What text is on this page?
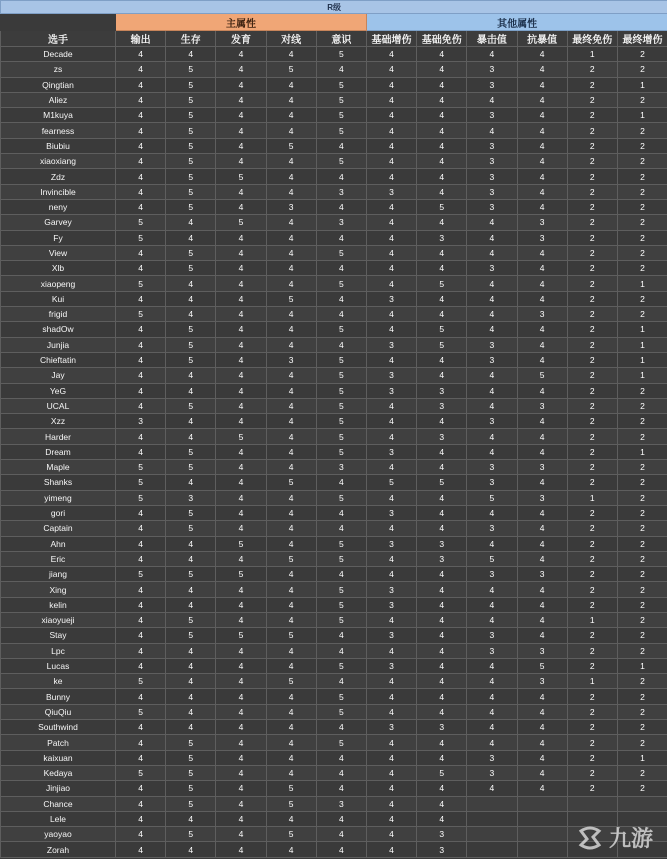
R级											
	主属性					其他属性					
选手	输出	生存	发育	对线	意识	基础增伤	基础免伤	暴击值	抗暴值	最终免伤	最终增伤
Decade	4	4	4	4	5	4	4	4	4	1	2
zs	4	5	4	5	4	4	4	3	4	2	2
Qingtian	4	5	4	4	5	4	4	3	4	2	1
Aliez	4	5	4	4	5	4	4	4	4	2	2
M1kuya	4	5	4	4	5	4	4	3	4	2	1
fearness	4	5	4	4	5	4	4	4	4	2	2
Biubiu	4	5	4	5	4	4	4	3	4	2	2
xiaoxiang	4	5	4	4	5	4	4	3	4	2	2
Zdz	4	5	5	4	4	4	4	3	4	2	2
Invincible	4	5	4	4	3	3	4	3	4	2	2
neny	4	5	4	3	4	4	5	3	4	2	2
Garvey	5	4	5	4	3	4	4	4	3	2	2
Fy	5	4	4	4	4	4	3	4	3	2	2
View	4	5	4	4	5	4	4	4	4	2	2
Xlb	4	5	4	4	4	4	4	3	4	2	2
xiaopeng	5	4	4	4	5	4	5	4	4	2	1
Kui	4	4	4	5	4	3	4	4	4	2	2
frigid	5	4	4	4	4	4	4	4	3	2	2
shadOw	4	5	4	4	5	4	5	4	4	2	1
Junjia	4	5	4	4	4	3	5	3	4	2	1
Chieftatin	4	5	4	3	5	4	4	3	4	2	1
Jay	4	4	4	4	5	3	4	4	5	2	1
YeG	4	4	4	4	5	3	3	4	4	2	2
UCAL	4	5	4	4	5	4	3	4	3	2	2
Xzz	3	4	4	4	5	4	4	3	4	2	2
Harder	4	4	5	4	5	4	3	4	4	2	2
Dream	4	5	4	4	5	3	4	4	4	2	1
Maple	5	5	4	4	3	4	4	3	3	2	2
Shanks	5	4	4	5	4	5	5	3	4	2	2
yimeng	5	3	4	4	5	4	4	5	3	1	2
gori	4	5	4	4	4	3	4	4	4	2	2
Captain	4	5	4	4	4	4	4	3	4	2	2
Ahn	4	4	5	4	5	3	3	4	4	2	2
Eric	4	4	4	5	5	4	3	5	4	2	2
jiang	5	5	5	4	4	4	4	3	3	2	2
Xing	4	4	4	4	5	3	4	4	4	2	2
kelin	4	4	4	4	5	3	4	4	4	2	2
xiaoyueji	4	5	4	4	5	4	4	4	4	1	2
Stay	4	5	5	5	4	3	4	3	4	2	2
Lpc	4	4	4	4	4	4	4	3	3	2	2
Lucas	4	4	4	4	5	3	4	4	5	2	1
ke	5	4	4	5	4	4	4	4	3	1	2
Bunny	4	4	4	4	5	4	4	4	4	2	2
QiuQiu	5	4	4	4	5	4	4	4	4	2	2
Southwind	4	4	4	4	4	3	3	4	4	2	2
Patch	4	5	4	4	5	4	4	4	4	2	2
kaixuan	4	5	4	4	4	4	4	3	4	2	1
Kedaya	5	5	4	4	4	4	5	3	4	2	2
Jinjiao	4	5	4	5	4	4	4	4	4	2	2
Chance	4	5	4	5	3	4	4				
Lele	4	4	4	4	4	4	4				
yaoyao	4	5	4	5	4	4	3				
Zorah	4	4	4	4	4	4	3					九游
